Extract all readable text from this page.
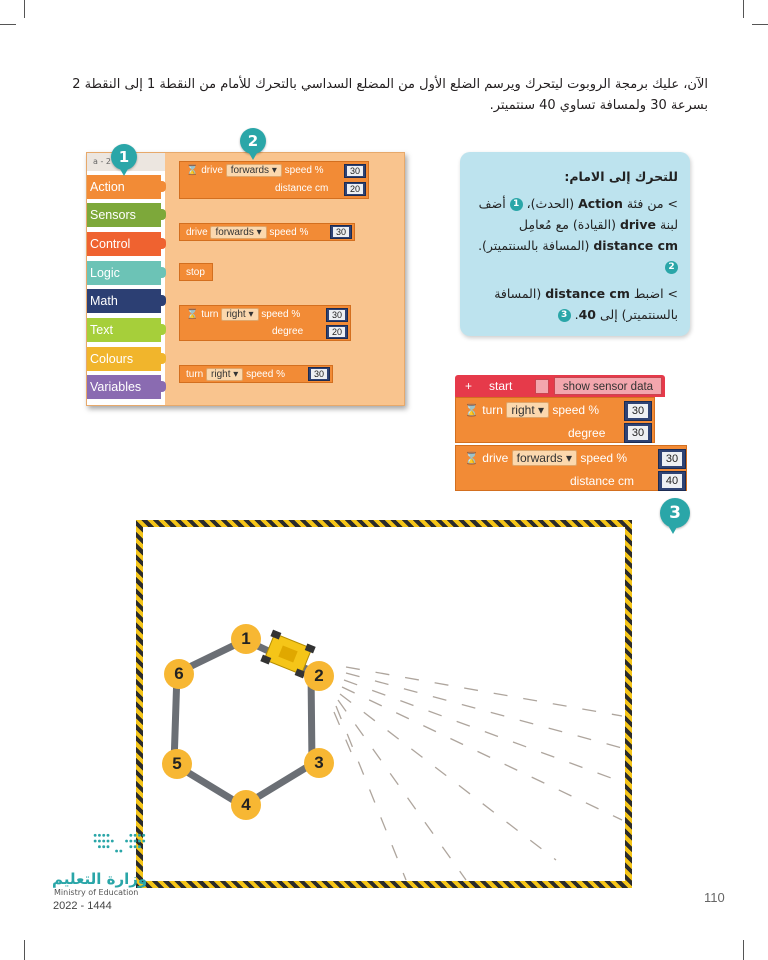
الآن، عليك برمجة الروبوت ليتحرك ويرسم الضلع الأول من المضلع السداسي بالتحرك للأمام من النقطة 1 إلى النقطة 2 بسرعة 30 ولمسافة تساوي 40 سنتميتر.
a - 2
Action
Sensors
Control
Logic
Math
Text
Colours
Variables
⌛ drive forwards ▾ speed %	30
distance cm	20
drive forwards ▾ speed %	30
stop
⌛ turn right ▾ speed %	30
degree	20
turn right ▾ speed %	30
1
2
للتحرك إلى الامام:

> من فئة Action (الحدث)، 1 أضف لبنة drive (القيادة) مع مُعامِل distance cm (المسافة بالسنتميتر). 2

> اضبط distance cm (المسافة بالسنتميتر) إلى 40. 3

+ start	show sensor data
⌛ turn right ▾ speed %	30
degree	30
⌛ drive forwards ▾ speed %	30
distance cm	40
3
1
2
3
4
5
6
وزارة التعليم
Ministry of Education
2022 - 1444
110
